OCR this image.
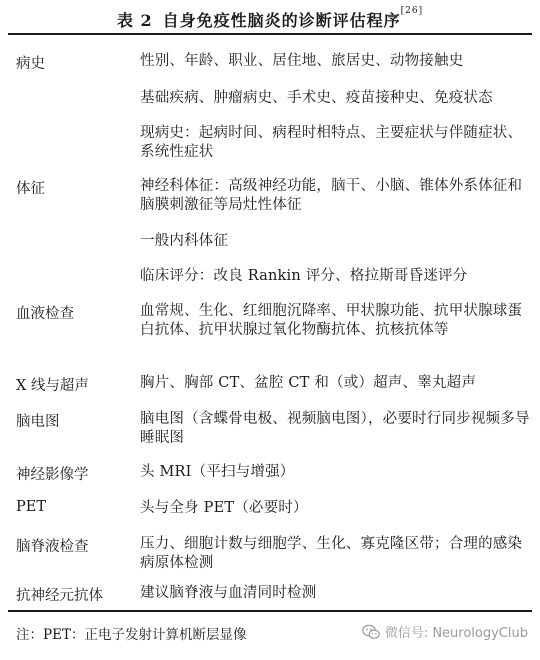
表 2 自身免疫性脑炎的诊断评估程序[26]
病史	性别、年龄、职业、居住地、旅居史、动物接触史
基础疾病、肿瘤病史、手术史、疫苗接种史、免疫状态
现病史：起病时间、病程时相特点、主要症状与伴随症状、系统性症状
体征	神经科体征：高级神经功能，脑干、小脑、锥体外系体征和脑膜刺激征等局灶性体征
一般内科体征
临床评分：改良 Rankin 评分、格拉斯哥昏迷评分
血液检查	血常规、生化、红细胞沉降率、甲状腺功能、抗甲状腺球蛋白抗体、抗甲状腺过氧化物酶抗体、抗核抗体等
X 线与超声	胸片、胸部 CT、盆腔 CT 和（或）超声、睾丸超声
脑电图	脑电图（含蝶骨电极、视频脑电图），必要时行同步视频多导睡眠图
神经影像学	头 MRI（平扫与增强）
PET	头与全身 PET（必要时）
脑脊液检查	压力、细胞计数与细胞学、生化、寡克隆区带；合理的感染病原体检测
抗神经元抗体	建议脑脊液与血清同时检测
注：PET：正电子发射计算机断层显像	微信号: NeurologyClub
